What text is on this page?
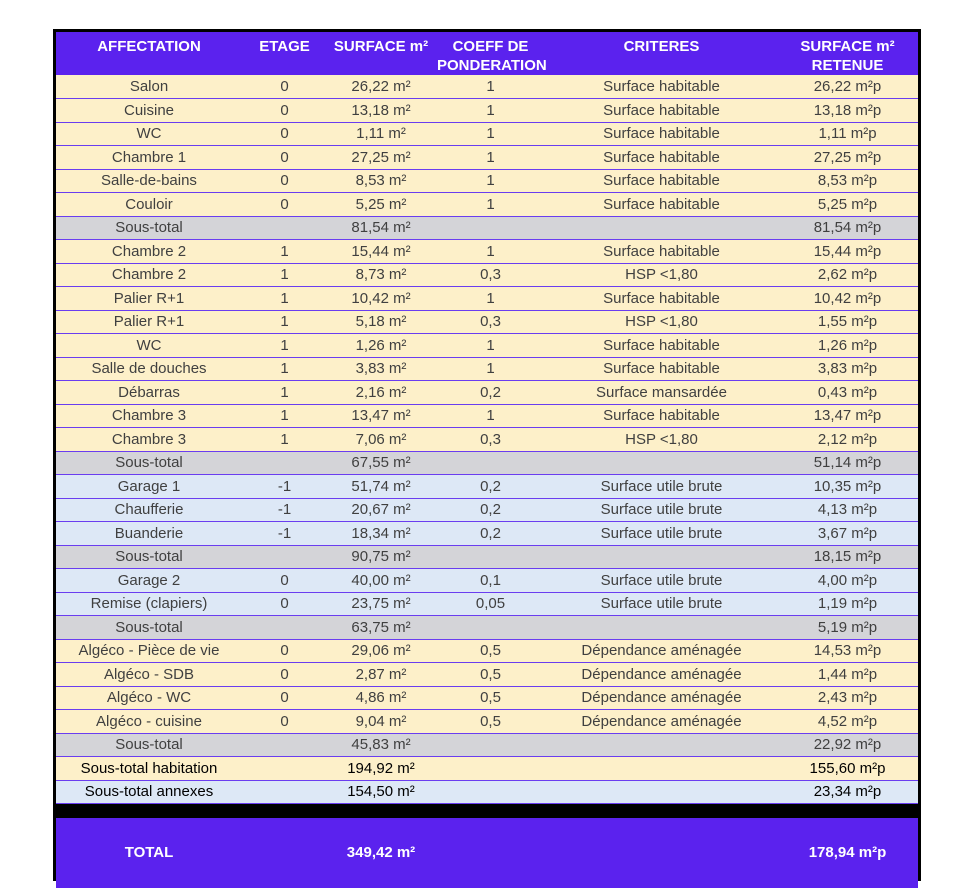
AFFECTATION	ETAGE	SURFACE m²	COEFF DE PONDERATION	CRITERES	SURFACE m² RETENUE
Salon	0	26,22 m²	1	Surface habitable	26,22 m²p
Cuisine	0	13,18 m²	1	Surface habitable	13,18 m²p
WC	0	1,11 m²	1	Surface habitable	1,11 m²p
Chambre 1	0	27,25 m²	1	Surface habitable	27,25 m²p
Salle-de-bains	0	8,53 m²	1	Surface habitable	8,53 m²p
Couloir	0	5,25 m²	1	Surface habitable	5,25 m²p
Sous-total		81,54 m²			81,54 m²p
Chambre 2	1	15,44 m²	1	Surface habitable	15,44 m²p
Chambre 2	1	8,73 m²	0,3	HSP <1,80	2,62 m²p
Palier R+1	1	10,42 m²	1	Surface habitable	10,42 m²p
Palier R+1	1	5,18 m²	0,3	HSP <1,80	1,55 m²p
WC	1	1,26 m²	1	Surface habitable	1,26 m²p
Salle de douches	1	3,83 m²	1	Surface habitable	3,83 m²p
Débarras	1	2,16 m²	0,2	Surface mansardée	0,43 m²p
Chambre 3	1	13,47 m²	1	Surface habitable	13,47 m²p
Chambre 3	1	7,06 m²	0,3	HSP <1,80	2,12 m²p
Sous-total		67,55 m²			51,14 m²p
Garage 1	-1	51,74 m²	0,2	Surface utile brute	10,35 m²p
Chaufferie	-1	20,67 m²	0,2	Surface utile brute	4,13 m²p
Buanderie	-1	18,34 m²	0,2	Surface utile brute	3,67 m²p
Sous-total		90,75 m²			18,15 m²p
Garage 2	0	40,00 m²	0,1	Surface utile brute	4,00 m²p
Remise (clapiers)	0	23,75 m²	0,05	Surface utile brute	1,19 m²p
Sous-total		63,75 m²			5,19 m²p
Algéco - Pièce de vie	0	29,06 m²	0,5	Dépendance aménagée	14,53 m²p
Algéco - SDB	0	2,87 m²	0,5	Dépendance aménagée	1,44 m²p
Algéco - WC	0	4,86 m²	0,5	Dépendance aménagée	2,43 m²p
Algéco - cuisine	0	9,04 m²	0,5	Dépendance aménagée	4,52 m²p
Sous-total		45,83 m²			22,92 m²p
Sous-total habitation		194,92 m²			155,60 m²p
Sous-total annexes		154,50 m²			23,34 m²p

TOTAL		349,42 m²			178,94 m²p
